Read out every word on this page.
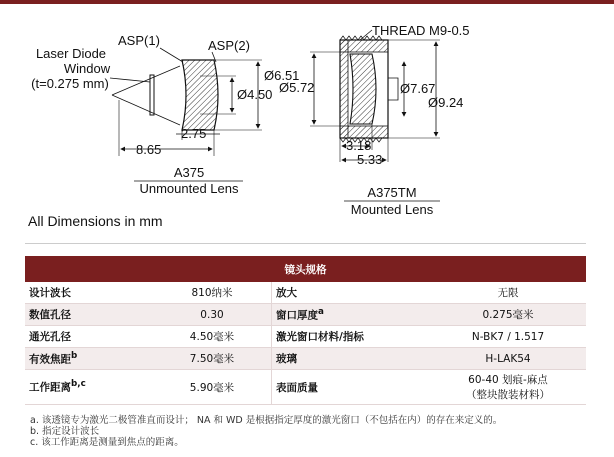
Laser Diode
Window
(t=0.275 mm)
ASP(1)	ASP(2)
Ø6.51
Ø4.50
2.75
8.65
A375
Unmounted Lens
THREAD M9-0.5
Ø5.72	Ø7.67
Ø9.24
3.18
5.33
A375TM
Mounted Lens
All Dimensions in mm
镜头规格			
设计波长	810纳米	放大	无限
数值孔径	0.30	窗口厚度$^a$	0.275毫米
通光孔径	4.50毫米	激光窗口材料/指标	N-BK7 / 1.517
有效焦距$^b$	7.50毫米	玻璃	H-LAK54
工作距离$^{b,c}$	5.90毫米	表面质量	60-40 划痕-麻点
（整块散装材料）
a. 该透镜专为激光二极管准直而设计； NA 和 WD 是根据指定厚度的激光窗口（不包括在内）的存在来定义的。
b. 指定设计波长
c. 该工作距离是测量到焦点的距离。
